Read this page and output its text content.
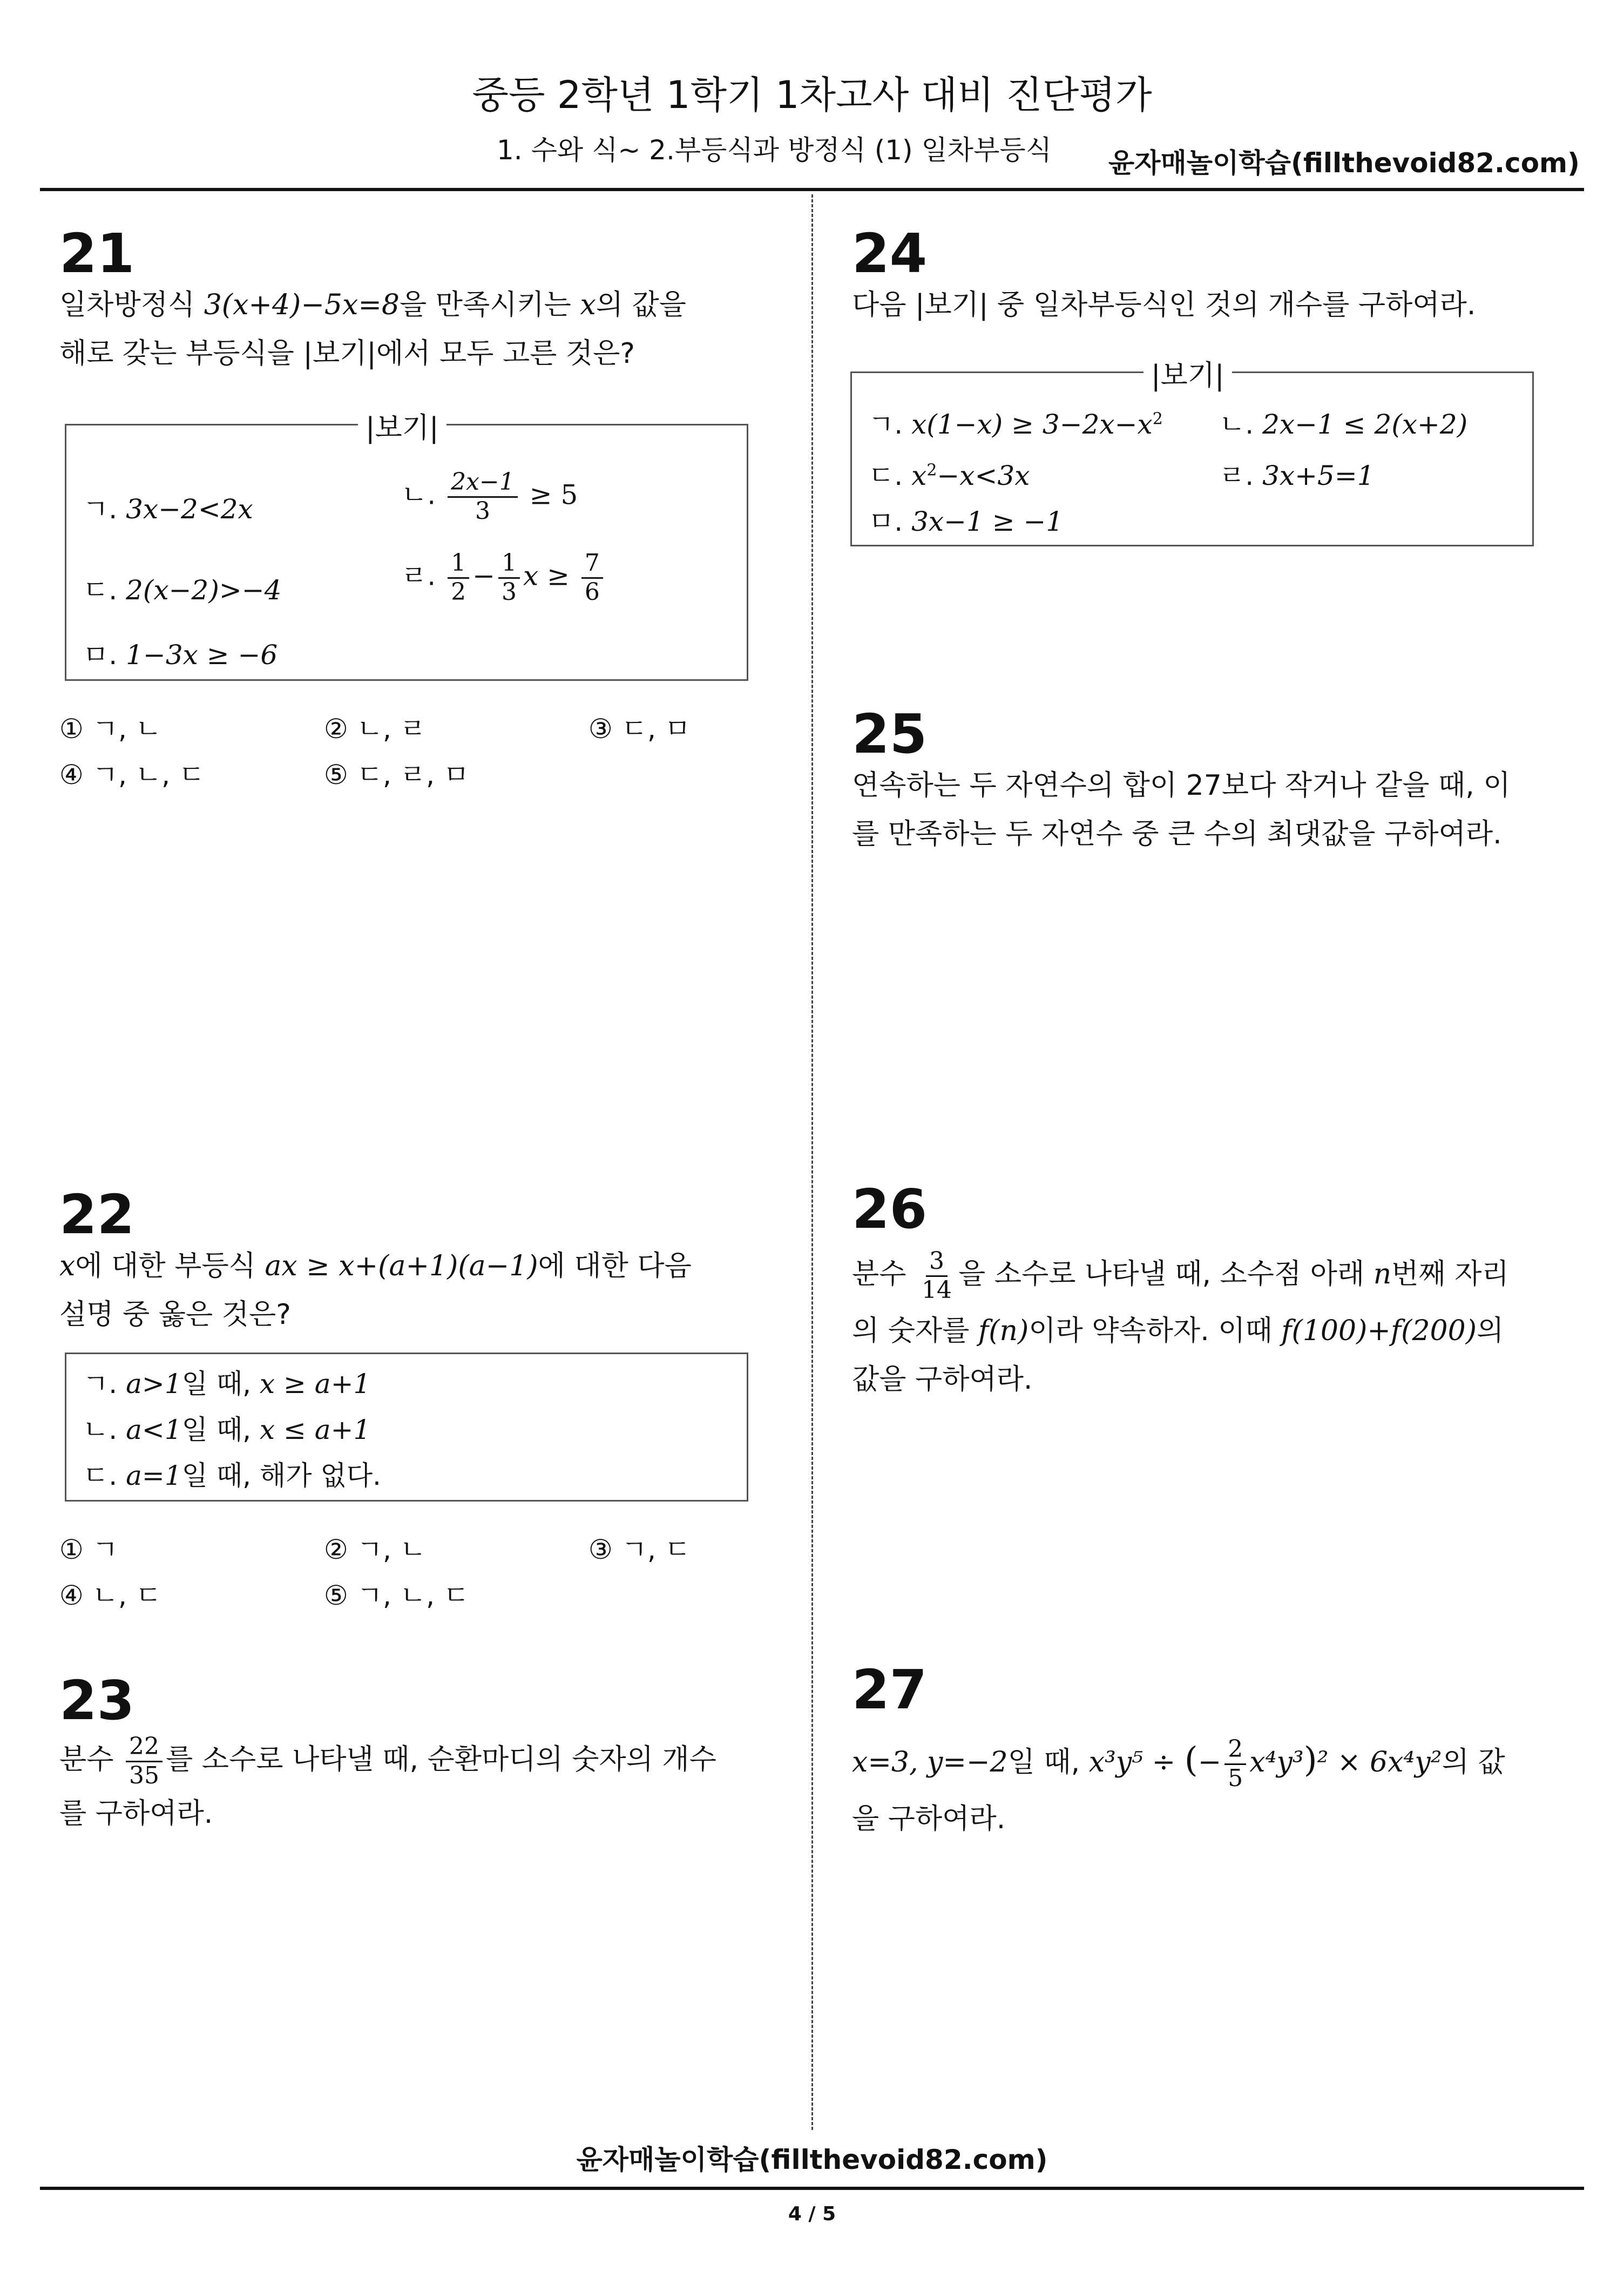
중등 2학년 1학기 1차고사 대비 진단평가
1. 수와 식~ 2.부등식과 방정식 (1) 일차부등식 윤자매놀이학습(fillthevoid82.com)
21
일차방정식 3(x+4)−5x=8을 만족시키는 x의 값을
해로 갖는 부등식을 |보기|에서 모두 고른 것은?
|보기|
ㄱ. 3x−2<2x	ㄴ. $\frac{2x-1}{3} \ge 5$
ㄷ. 2(x−2)>−4	ㄹ. $\frac{1}{2} - \frac{1}{3}$ $x \ge \frac{7}{6}$
ㅁ. 1−3x ≥ −6
① ㄱ, ㄴ	② ㄴ, ㄹ	③ ㄷ, ㅁ
④ ㄱ, ㄴ, ㄷ	⑤ ㄷ, ㄹ, ㅁ
22
x에 대한 부등식 ax ≥ x+(a+1)(a−1)에 대한 다음
설명 중 옳은 것은?
ㄱ. a>1일 때, x ≥ a+1
ㄴ. a<1일 때, x ≤ a+1
ㄷ. a=1일 때, 해가 없다.
① ㄱ	② ㄱ, ㄴ	③ ㄱ, ㄷ
④ ㄴ, ㄷ	⑤ ㄱ, ㄴ, ㄷ
23
분수 $\frac{22}{35}$ 를 소수로 나타낼 때, 순환마디의 숫자의 개수
를 구하여라.
24
다음 |보기| 중 일차부등식인 것의 개수를 구하여라.
|보기|
ㄱ. $x(1-x) \ge 3-2x-x^2$ ㄴ. 2x−1 ≤ 2(x+2)
ㄷ. $x^2-x<3x$	ㄹ. 3x+5=1
ㅁ. 3x−1 ≥ −1
25
연속하는 두 자연수의 합이 27보다 작거나 같을 때, 이
를 만족하는 두 자연수 중 큰 수의 최댓값을 구하여라.
26
분수 $\frac{3}{14}$ 을 소수로 나타낼 때, 소수점 아래 n번째 자리
의 숫자를 f(n)이라 약속하자. 이때 f(100)+f(200)의
값을 구하여라.
27
x=3, y=−2일 때, x³y⁵ ÷ (− $\frac{2}{5} x^4y^3)^2 \times 6x^4y^2$의 값
을 구하여라.
윤자매놀이학습(fillthevoid82.com)
4 / 5
